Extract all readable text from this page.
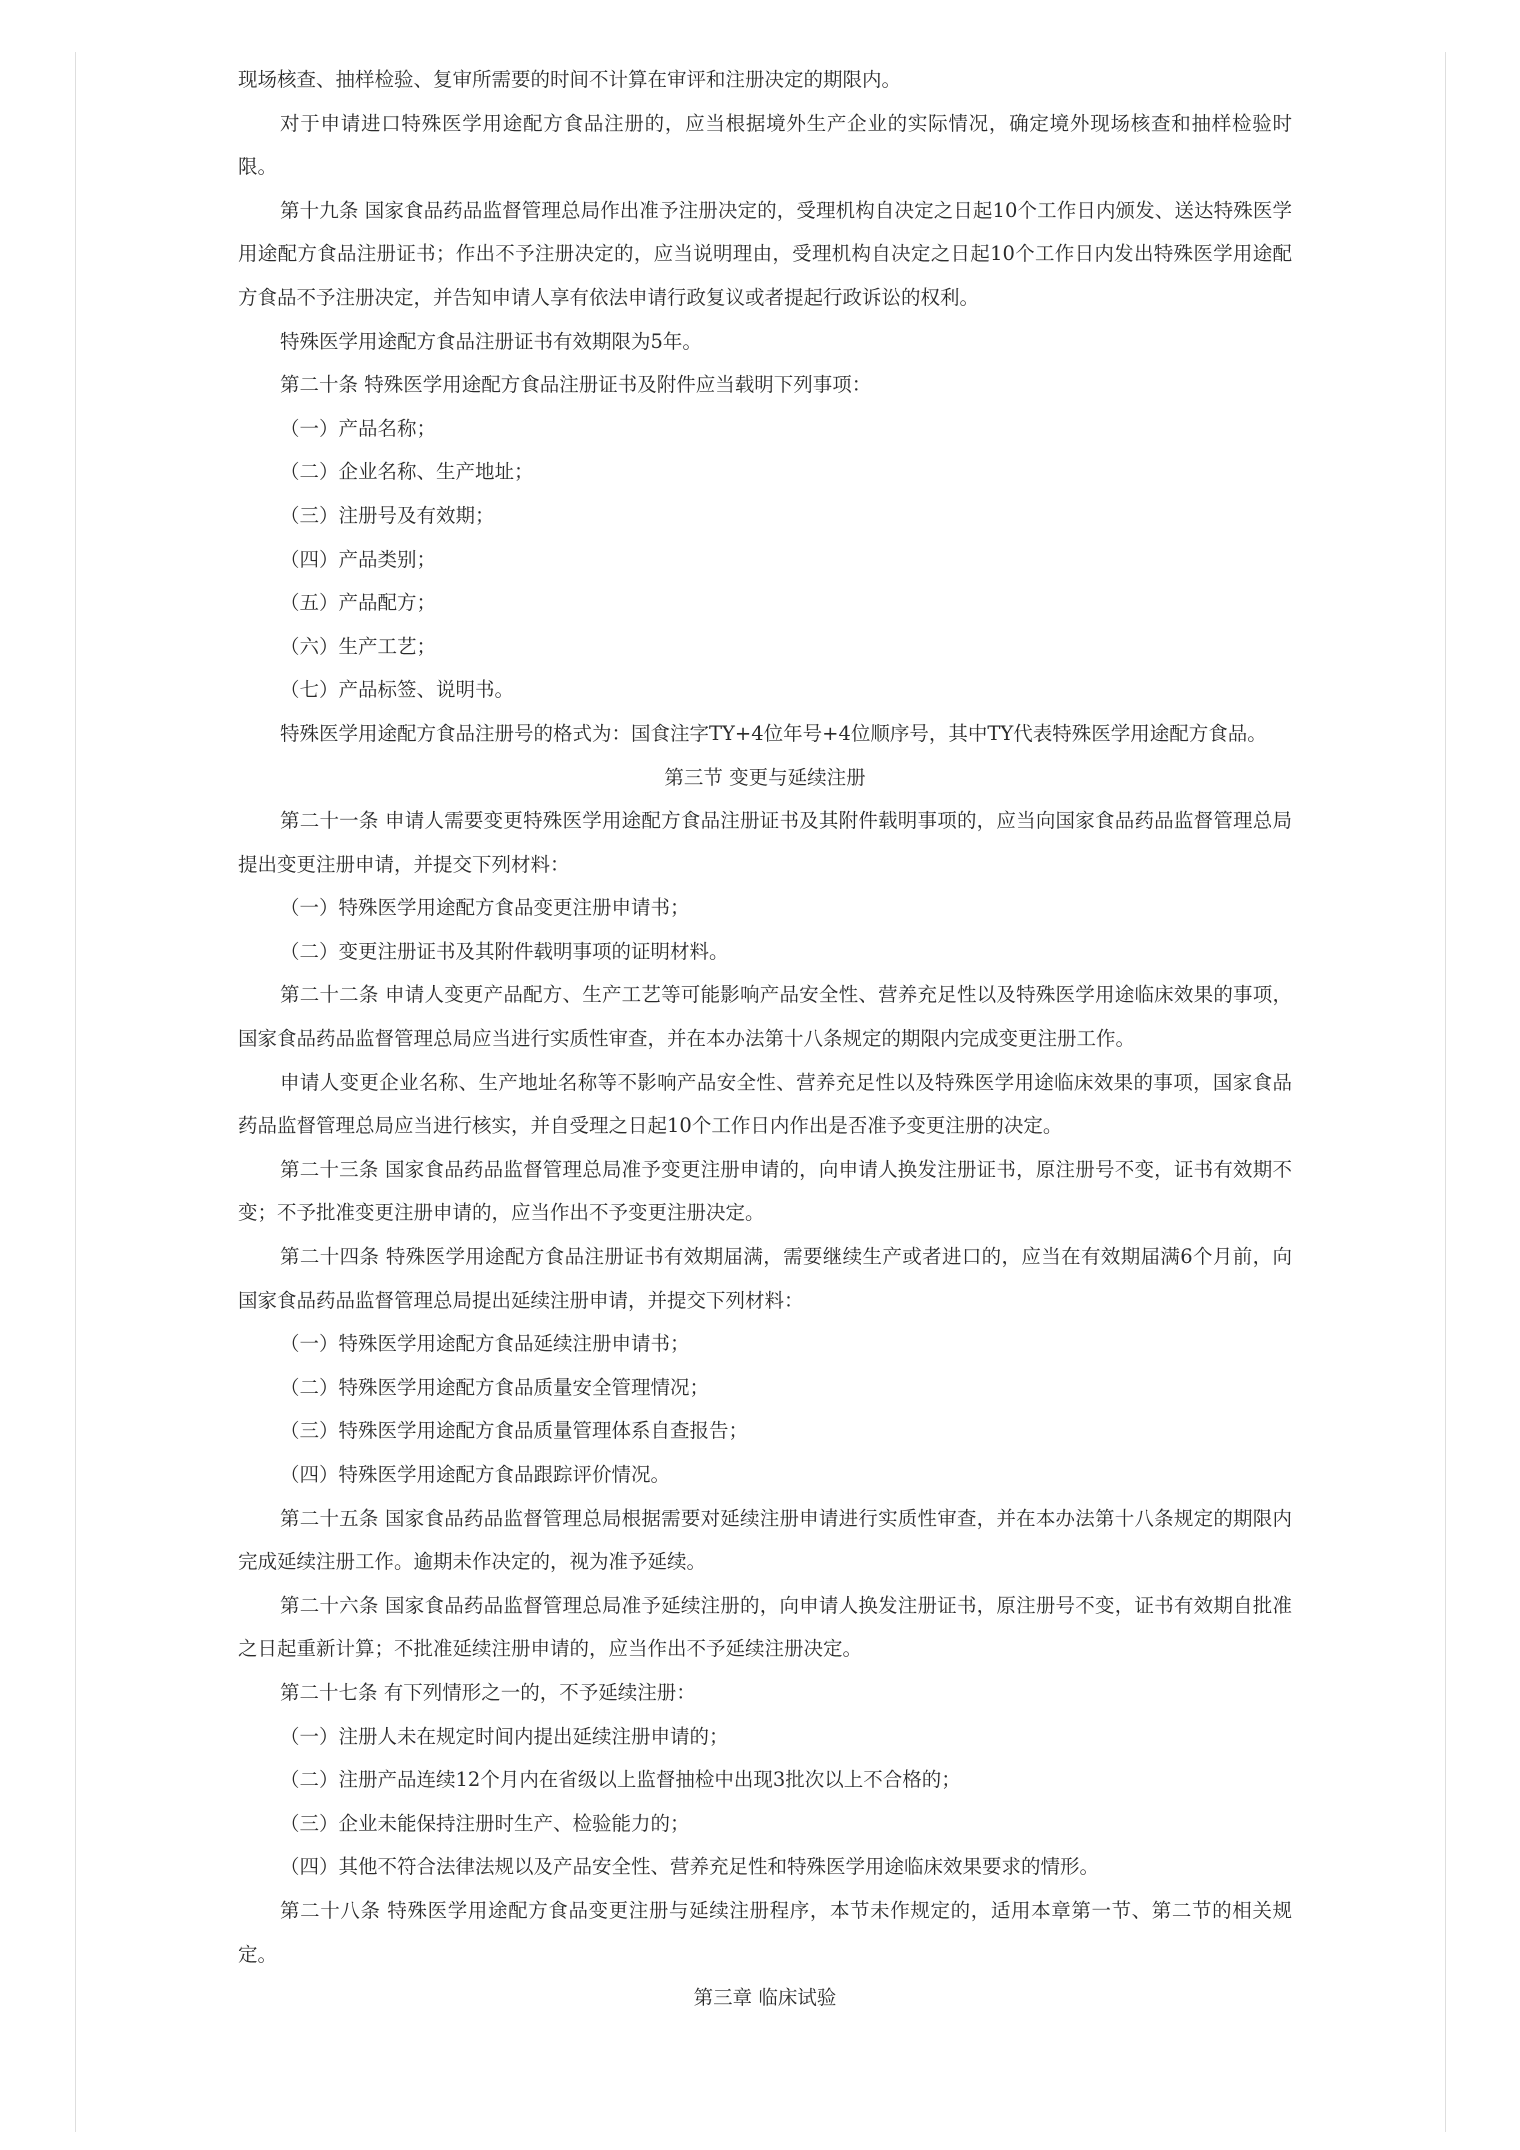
现场核查、抽样检验、复审所需要的时间不计算在审评和注册决定的期限内。

对于申请进口特殊医学用途配方食品注册的，应当根据境外生产企业的实际情况，确定境外现场核查和抽样检验时限。

第十九条 国家食品药品监督管理总局作出准予注册决定的，受理机构自决定之日起10个工作日内颁发、送达特殊医学用途配方食品注册证书；作出不予注册决定的，应当说明理由，受理机构自决定之日起10个工作日内发出特殊医学用途配方食品不予注册决定，并告知申请人享有依法申请行政复议或者提起行政诉讼的权利。

特殊医学用途配方食品注册证书有效期限为5年。

第二十条 特殊医学用途配方食品注册证书及附件应当载明下列事项：

（一）产品名称；

（二）企业名称、生产地址；

（三）注册号及有效期；

（四）产品类别；

（五）产品配方；

（六）生产工艺；

（七）产品标签、说明书。

特殊医学用途配方食品注册号的格式为：国食注字TY+4位年号+4位顺序号，其中TY代表特殊医学用途配方食品。

第三节 变更与延续注册

第二十一条 申请人需要变更特殊医学用途配方食品注册证书及其附件载明事项的，应当向国家食品药品监督管理总局提出变更注册申请，并提交下列材料：

（一）特殊医学用途配方食品变更注册申请书；

（二）变更注册证书及其附件载明事项的证明材料。

第二十二条 申请人变更产品配方、生产工艺等可能影响产品安全性、营养充足性以及特殊医学用途临床效果的事项，国家食品药品监督管理总局应当进行实质性审查，并在本办法第十八条规定的期限内完成变更注册工作。

申请人变更企业名称、生产地址名称等不影响产品安全性、营养充足性以及特殊医学用途临床效果的事项，国家食品药品监督管理总局应当进行核实，并自受理之日起10个工作日内作出是否准予变更注册的决定。

第二十三条 国家食品药品监督管理总局准予变更注册申请的，向申请人换发注册证书，原注册号不变，证书有效期不变；不予批准变更注册申请的，应当作出不予变更注册决定。

第二十四条 特殊医学用途配方食品注册证书有效期届满，需要继续生产或者进口的，应当在有效期届满6个月前，向国家食品药品监督管理总局提出延续注册申请，并提交下列材料：

（一）特殊医学用途配方食品延续注册申请书；

（二）特殊医学用途配方食品质量安全管理情况；

（三）特殊医学用途配方食品质量管理体系自查报告；

（四）特殊医学用途配方食品跟踪评价情况。

第二十五条 国家食品药品监督管理总局根据需要对延续注册申请进行实质性审查，并在本办法第十八条规定的期限内完成延续注册工作。逾期未作决定的，视为准予延续。

第二十六条 国家食品药品监督管理总局准予延续注册的，向申请人换发注册证书，原注册号不变，证书有效期自批准之日起重新计算；不批准延续注册申请的，应当作出不予延续注册决定。

第二十七条 有下列情形之一的，不予延续注册：

（一）注册人未在规定时间内提出延续注册申请的；

（二）注册产品连续12个月内在省级以上监督抽检中出现3批次以上不合格的；

（三）企业未能保持注册时生产、检验能力的；

（四）其他不符合法律法规以及产品安全性、营养充足性和特殊医学用途临床效果要求的情形。

第二十八条 特殊医学用途配方食品变更注册与延续注册程序，本节未作规定的，适用本章第一节、第二节的相关规定。

第三章 临床试验
